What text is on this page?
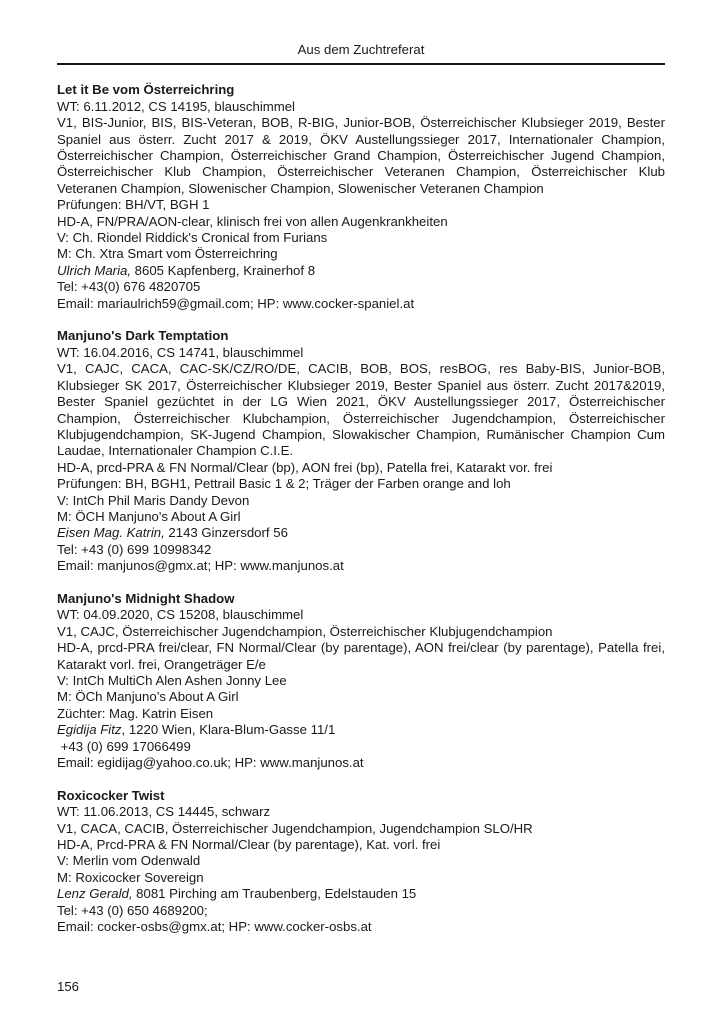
Aus dem Zuchtreferat

Let it Be vom Österreichring

WT: 6.11.2012, CS 14195, blauschimmel

V1, BIS-Junior, BIS, BIS-Veteran, BOB, R-BIG, Junior-BOB, Österreichischer Klubsieger 2019, Bester Spaniel aus österr. Zucht 2017 & 2019, ÖKV Austellungssieger 2017, Internationaler Champion, Österreichischer Champion, Österreichischer Grand Champion, Österreichischer Jugend Champion, Österreichischer Klub Champion, Österreichischer Veteranen Champion, Österreichischer Klub Veteranen Champion, Slowenischer Champion, Slowenischer Veteranen Champion

Prüfungen: BH/VT, BGH 1

HD-A, FN/PRA/AON-clear, klinisch frei von allen Augenkrankheiten

V: Ch. Riondel Riddick's Cronical from Furians

M: Ch. Xtra Smart vom Österreichring

Ulrich Maria, 8605 Kapfenberg, Krainerhof 8

Tel: +43(0) 676 4820705

Email: mariaulrich59@gmail.com; HP: www.cocker-spaniel.at

Manjuno's Dark Temptation

WT: 16.04.2016, CS 14741, blauschimmel

V1, CAJC, CACA, CAC-SK/CZ/RO/DE, CACIB, BOB, BOS, resBOG, res Baby-BIS, Junior-BOB, Klubsieger SK 2017, Österreichischer Klubsieger 2019, Bester Spaniel aus österr. Zucht 2017&2019, Bester Spaniel gezüchtet in der LG Wien 2021, ÖKV Austellungssieger 2017, Österreichischer Champion, Österreichischer Klubchampion, Österreichischer Jugendchampion, Österreichischer Klubjugendchampion, SK-Jugend Champion, Slowakischer Champion, Rumänischer Champion Cum Laudae, Internationaler Champion C.I.E.

HD-A, prcd-PRA & FN Normal/Clear (bp), AON frei (bp), Patella frei, Katarakt vor. frei

Prüfungen: BH, BGH1, Pettrail Basic 1 & 2; Träger der Farben orange and loh

V: IntCh Phil Maris Dandy Devon

M: ÖCH Manjuno's About A Girl

Eisen Mag. Katrin, 2143 Ginzersdorf 56

Tel: +43 (0) 699 10998342

Email: manjunos@gmx.at; HP: www.manjunos.at

Manjuno's Midnight Shadow

WT: 04.09.2020, CS 15208, blauschimmel

V1, CAJC, Österreichischer Jugendchampion, Österreichischer Klubjugendchampion

HD-A, prcd-PRA frei/clear, FN Normal/Clear (by parentage), AON frei/clear (by parentage), Patella frei, Katarakt vorl. frei, Orangeträger E/e

V: IntCh MultiCh Alen Ashen Jonny Lee

M: ÖCh Manjuno’s About A Girl

Züchter: Mag. Katrin Eisen

Egidija Fitz, 1220 Wien, Klara-Blum-Gasse 11/1

+43 (0) 699 17066499

Email: egidijag@yahoo.co.uk; HP: www.manjunos.at

Roxicocker Twist

WT: 11.06.2013, CS 14445, schwarz

V1, CACA, CACIB, Österreichischer Jugendchampion, Jugendchampion SLO/HR

HD-A, Prcd-PRA & FN Normal/Clear (by parentage), Kat. vorl. frei

V: Merlin vom Odenwald

M: Roxicocker Sovereign

Lenz Gerald, 8081 Pirching am Traubenberg, Edelstauden 15

Tel: +43 (0) 650 4689200;

Email: cocker-osbs@gmx.at; HP: www.cocker-osbs.at

156
